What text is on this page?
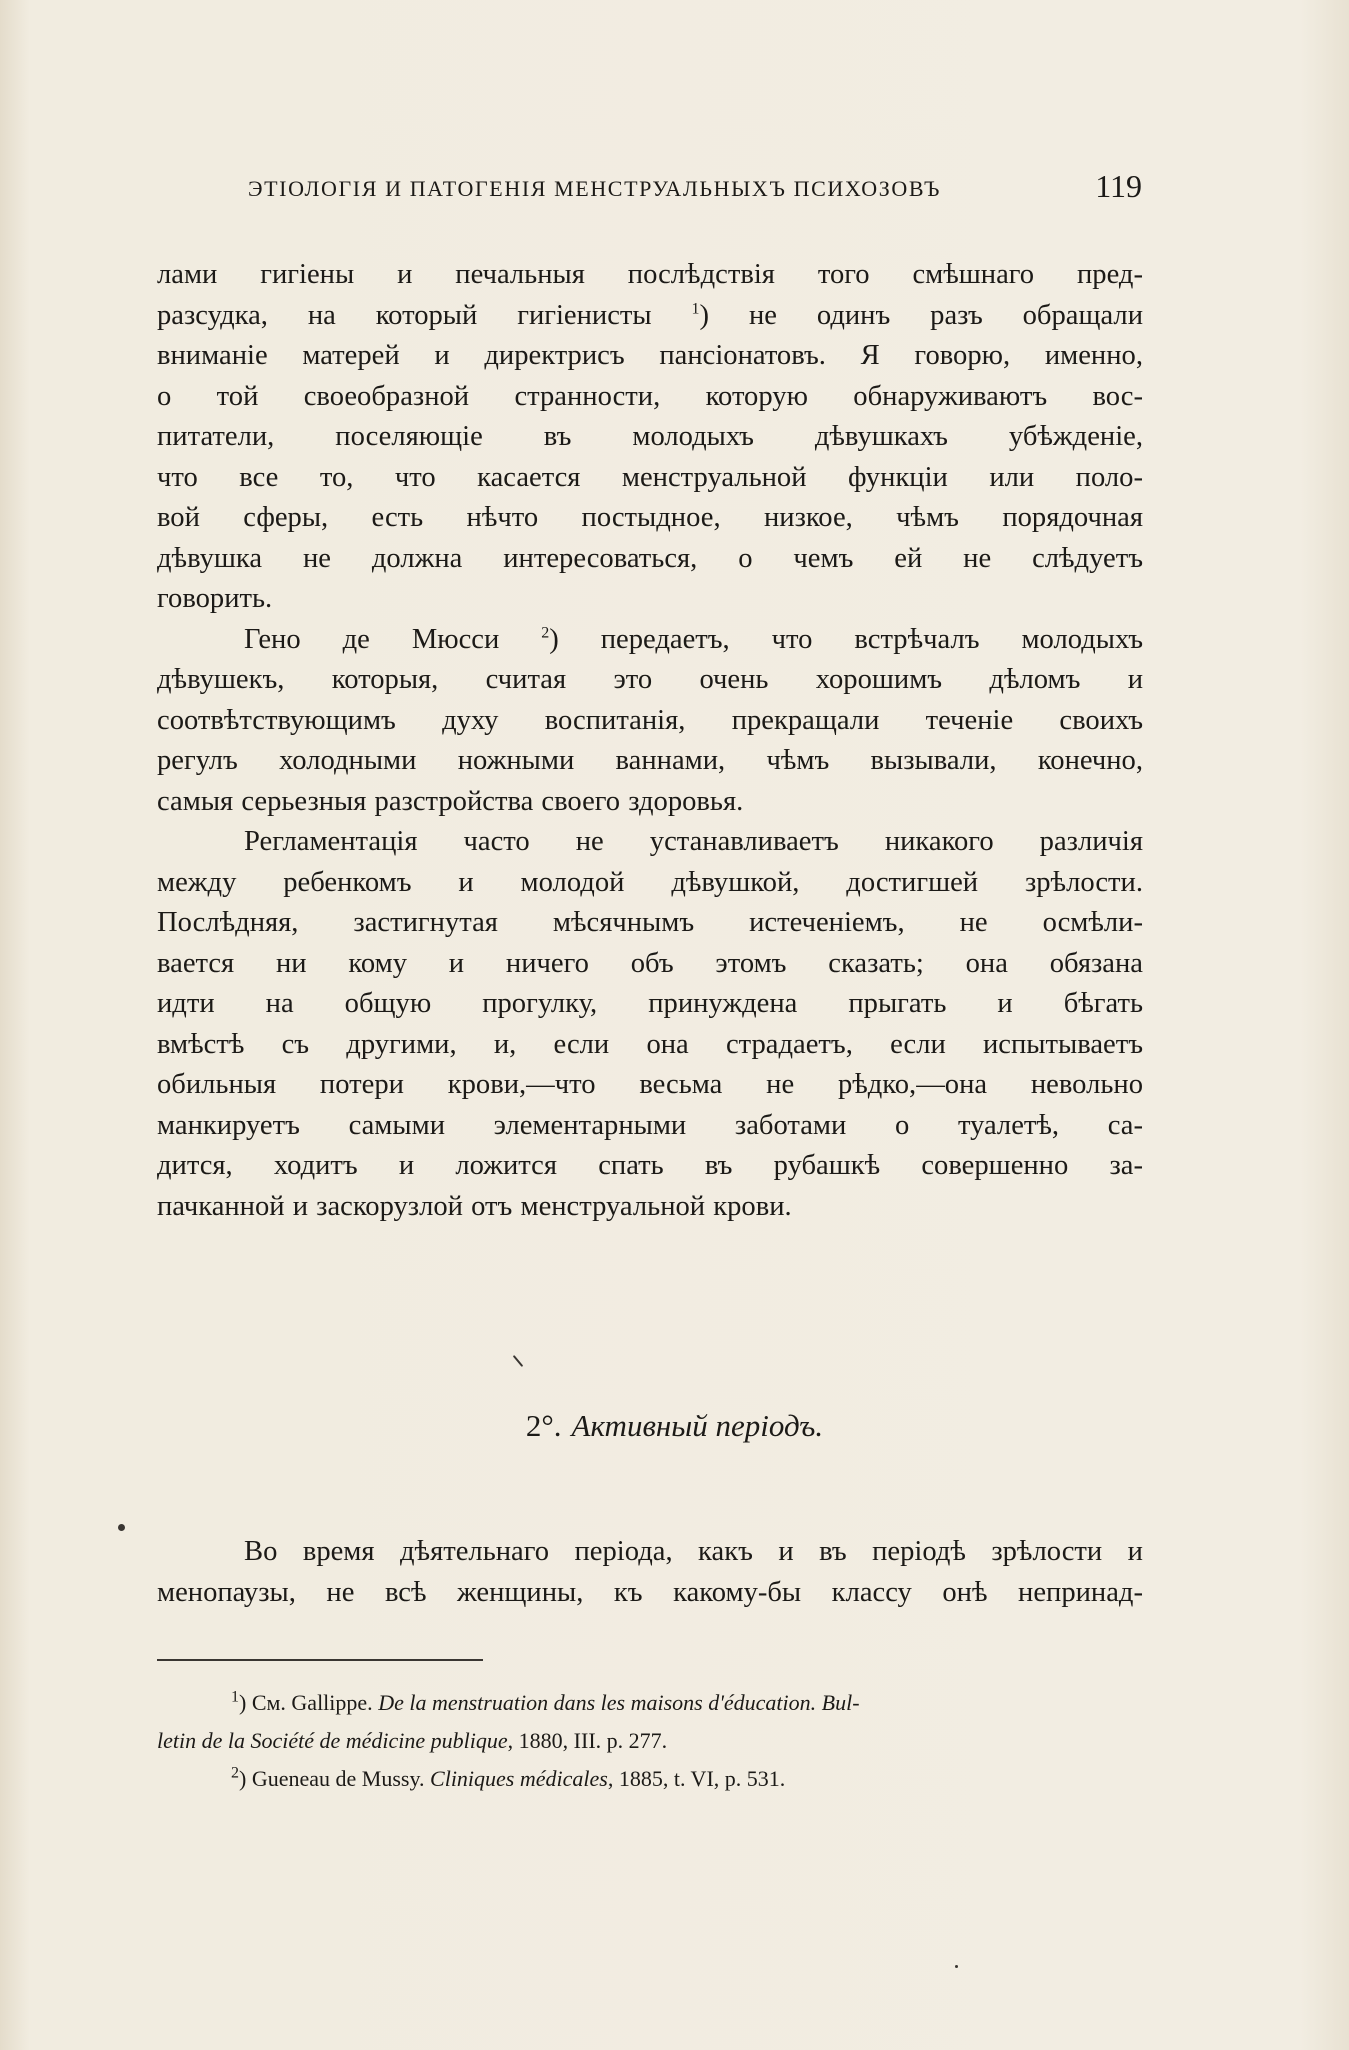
ЭТІОЛОГІЯ И ПАТОГЕНІЯ МЕНСТРУАЛЬНЫХЪ ПСИХОЗОВЪ	119
лами гигіены и печальныя послѣдствія того смѣшнаго пред-
разсудка, на который гигіенисты $^1$) не одинъ разъ обращали
вниманіе матерей и директрисъ пансіонатовъ. Я говорю, именно,
о той своеобразной странности, которую обнаруживаютъ вос-
питатели, поселяющіе въ молодыхъ дѣвушкахъ убѣжденіе,
что все то, что касается менструальной функціи или поло-
вой сферы, есть нѣчто постыдное, низкое, чѣмъ порядочная
дѣвушка не должна интересоваться, о чемъ ей не слѣдуетъ
говорить.
Гено де Мюсси $^2$) передаетъ, что встрѣчалъ молодыхъ
дѣвушекъ, которыя, считая это очень хорошимъ дѣломъ и
соотвѣтствующимъ духу воспитанія, прекращали теченіе своихъ
регулъ холодными ножными ваннами, чѣмъ вызывали, конечно,
самыя серьезныя разстройства своего здоровья.
Регламентація часто не устанавливаетъ никакого различія
между ребенкомъ и молодой дѣвушкой, достигшей зрѣлости.
Послѣдняя, застигнутая мѣсячнымъ истеченіемъ, не осмѣли-
вается ни кому и ничего объ этомъ сказать; она обязана
идти на общую прогулку, принуждена прыгать и бѣгать
вмѣстѣ съ другими, и, если она страдаетъ, если испытываетъ
обильныя потери крови,—что весьма не рѣдко,—она невольно
манкируетъ самыми элементарными заботами о туалетѣ, са-
дится, ходитъ и ложится спать въ рубашкѣ совершенно за-
пачканной и заскорузлой отъ менструальной крови.
2°. Активный періодъ.
Во время дѣятельнаго періода, какъ и въ періодѣ зрѣлости и
менопаузы, не всѣ женщины, къ какому-бы классу онѣ непринад-
$^1$) См. Gallippe. De la menstruation dans les maisons d'éducation. Bul-
letin de la Société de médicine publique, 1880, III. p. 277.
$^2$) Gueneau de Mussy. Cliniques médicales, 1885, t. VI, p. 531.
